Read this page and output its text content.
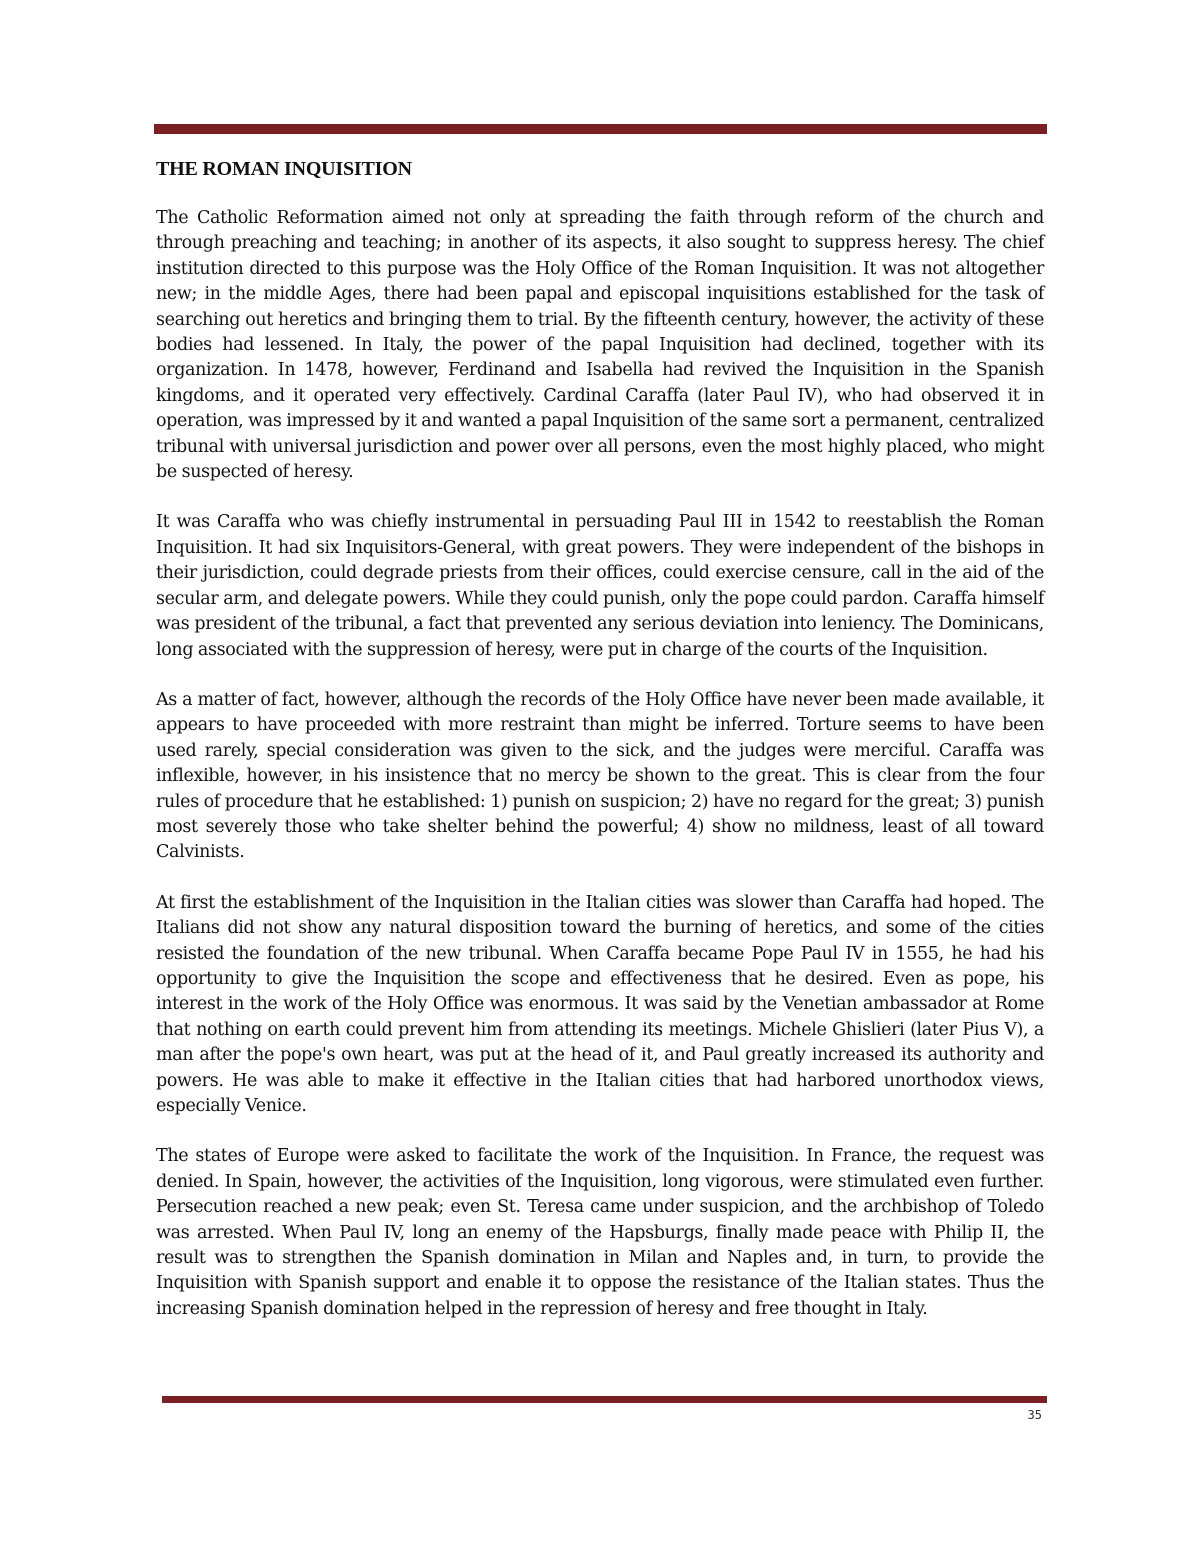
THE ROMAN INQUISITION

The Catholic Reformation aimed not only at spreading the faith through reform of the church and through preaching and teaching; in another of its aspects, it also sought to suppress heresy. The chief institution directed to this purpose was the Holy Office of the Roman Inquisition. It was not altogether new; in the middle Ages, there had been papal and episcopal inquisitions established for the task of searching out heretics and bringing them to trial. By the fifteenth century, however, the activity of these bodies had lessened. In Italy, the power of the papal Inquisition had declined, together with its organization. In 1478, however, Ferdinand and Isabella had revived the Inquisition in the Spanish kingdoms, and it operated very effectively. Cardinal Caraffa (later Paul IV), who had observed it in operation, was impressed by it and wanted a papal Inquisition of the same sort a permanent, centralized tribunal with universal jurisdiction and power over all persons, even the most highly placed, who might be suspected of heresy.

It was Caraffa who was chiefly instrumental in persuading Paul III in 1542 to reestablish the Roman Inquisition. It had six Inquisitors-General, with great powers. They were independent of the bishops in their jurisdiction, could degrade priests from their offices, could exercise censure, call in the aid of the secular arm, and delegate powers. While they could punish, only the pope could pardon. Caraffa himself was president of the tribunal, a fact that prevented any serious deviation into leniency. The Dominicans, long associated with the suppression of heresy, were put in charge of the courts of the Inquisition.

As a matter of fact, however, although the records of the Holy Office have never been made available, it appears to have proceeded with more restraint than might be inferred. Torture seems to have been used rarely, special consideration was given to the sick, and the judges were merciful. Caraffa was inflexible, however, in his insistence that no mercy be shown to the great. This is clear from the four rules of procedure that he established: 1) punish on suspicion; 2) have no regard for the great; 3) punish most severely those who take shelter behind the powerful; 4) show no mildness, least of all toward Calvinists.

At first the establishment of the Inquisition in the Italian cities was slower than Caraffa had hoped. The Italians did not show any natural disposition toward the burning of heretics, and some of the cities resisted the foundation of the new tribunal. When Caraffa became Pope Paul IV in 1555, he had his opportunity to give the Inquisition the scope and effectiveness that he desired. Even as pope, his interest in the work of the Holy Office was enormous. It was said by the Venetian ambassador at Rome that nothing on earth could prevent him from attending its meetings. Michele Ghislieri (later Pius V), a man after the pope's own heart, was put at the head of it, and Paul greatly increased its authority and powers. He was able to make it effective in the Italian cities that had harbored unorthodox views, especially Venice.

The states of Europe were asked to facilitate the work of the Inquisition. In France, the request was denied. In Spain, however, the activities of the Inquisition, long vigorous, were stimulated even further. Persecution reached a new peak; even St. Teresa came under suspicion, and the archbishop of Toledo was arrested. When Paul IV, long an enemy of the Hapsburgs, finally made peace with Philip II, the result was to strengthen the Spanish domination in Milan and Naples and, in turn, to provide the Inquisition with Spanish support and enable it to oppose the resistance of the Italian states. Thus the increasing Spanish domination helped in the repression of heresy and free thought in Italy.

35
